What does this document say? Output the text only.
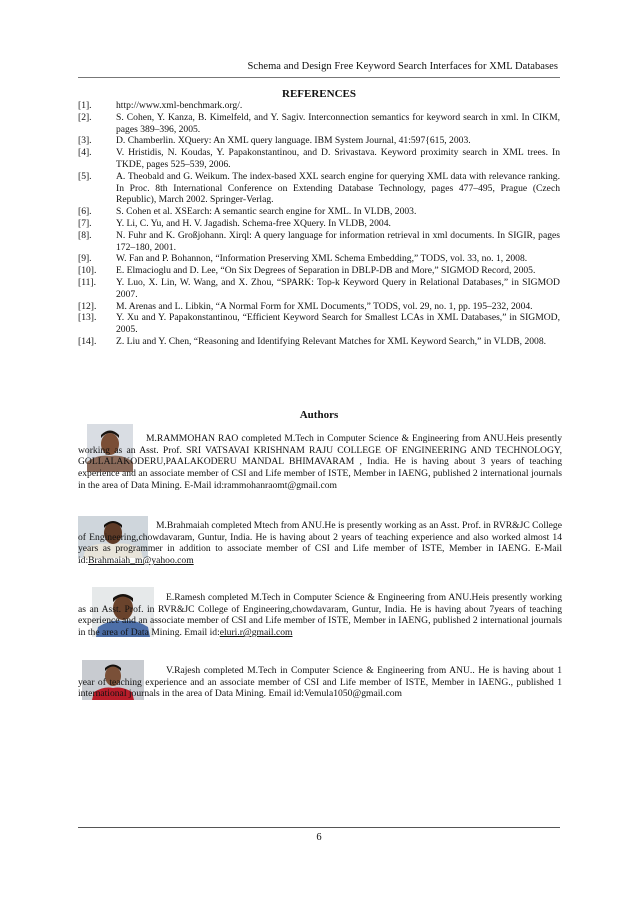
Schema and Design Free Keyword Search Interfaces for XML Databases
REFERENCES
[1].	http://www.xml-benchmark.org/.
[2].	S. Cohen, Y. Kanza, B. Kimelfeld, and Y. Sagiv. Interconnection semantics for keyword search in xml. In CIKM, pages 389–396, 2005.
[3].	D. Chamberlin. XQuery: An XML query language. IBM System Journal, 41:597{615, 2003.
[4].	V. Hristidis, N. Koudas, Y. Papakonstantinou, and D. Srivastava. Keyword proximity search in XML trees. In TKDE, pages 525–539, 2006.
[5].	A. Theobald and G. Weikum. The index-based XXL search engine for querying XML data with relevance ranking. In Proc. 8th International Conference on Extending Database Technology, pages 477–495, Prague (Czech Republic), March 2002. Springer-Verlag.
[6].	S. Cohen et al. XSEarch: A semantic search engine for XML. In VLDB, 2003.
[7].	Y. Li, C. Yu, and H. V. Jagadish. Schema-free XQuery. In VLDB, 2004.
[8].	N. Fuhr and K. Großjohann. Xirql: A query language for information retrieval in xml documents. In SIGIR, pages 172–180, 2001.
[9].	W. Fan and P. Bohannon, “Information Preserving XML Schema Embedding,” TODS, vol. 33, no. 1, 2008.
[10]. E. Elmacioglu and D. Lee, “On Six Degrees of Separation in DBLP-DB and More,” SIGMOD Record, 2005.
[11]. Y. Luo, X. Lin, W. Wang, and X. Zhou, “SPARK: Top-k Keyword Query in Relational Databases,” in SIGMOD 2007.
[12]. M. Arenas and L. Libkin, “A Normal Form for XML Documents,” TODS, vol. 29, no. 1, pp. 195–232, 2004.
[13]. Y. Xu and Y. Papakonstantinou, “Efficient Keyword Search for Smallest LCAs in XML Databases,” in SIGMOD, 2005.
[14]. Z. Liu and Y. Chen, “Reasoning and Identifying Relevant Matches for XML Keyword Search,” in VLDB, 2008.
Authors
M.RAMMOHAN RAO completed M.Tech in Computer Science & Engineering from ANU.Heis presently working as an Asst. Prof. SRI VATSAVAI KRISHNAM RAJU COLLEGE OF ENGINEERING AND TECHNOLOGY, GOLLALAKODERU,PAALAKODERU MANDAL BHIMAVARAM , India. He is having about 3 years of teaching experience and an associate member of CSI and Life member of ISTE, Member in IAENG, published 2 international journals in the area of Data Mining. E-Mail id:rammohanraomt@gmail.com
M.Brahmaiah completed Mtech from ANU.He is presently working as an Asst. Prof. in RVR&JC College of Engineering,chowdavaram, Guntur, India. He is having about 2 years of teaching experience and also worked almost 14 years as programmer in addition to associate member of CSI and Life member of ISTE, Member in IAENG. E-Mail id:Brahmaiah_m@yahoo.com
E.Ramesh completed M.Tech in Computer Science & Engineering from ANU.Heis presently working as an Asst. Prof. in RVR&JC College of Engineering,chowdavaram, Guntur, India. He is having about 7years of teaching experience and an associate member of CSI and Life member of ISTE, Member in IAENG, published 2 international journals in the area of Data Mining. Email id:eluri.r@gmail.com
V.Rajesh completed M.Tech in Computer Science & Engineering from ANU.. He is having about 1 year of teaching experience and an associate member of CSI and Life member of ISTE, Member in IAENG., published 1 international journals in the area of Data Mining. Email id:Vemula1050@gmail.com
6
